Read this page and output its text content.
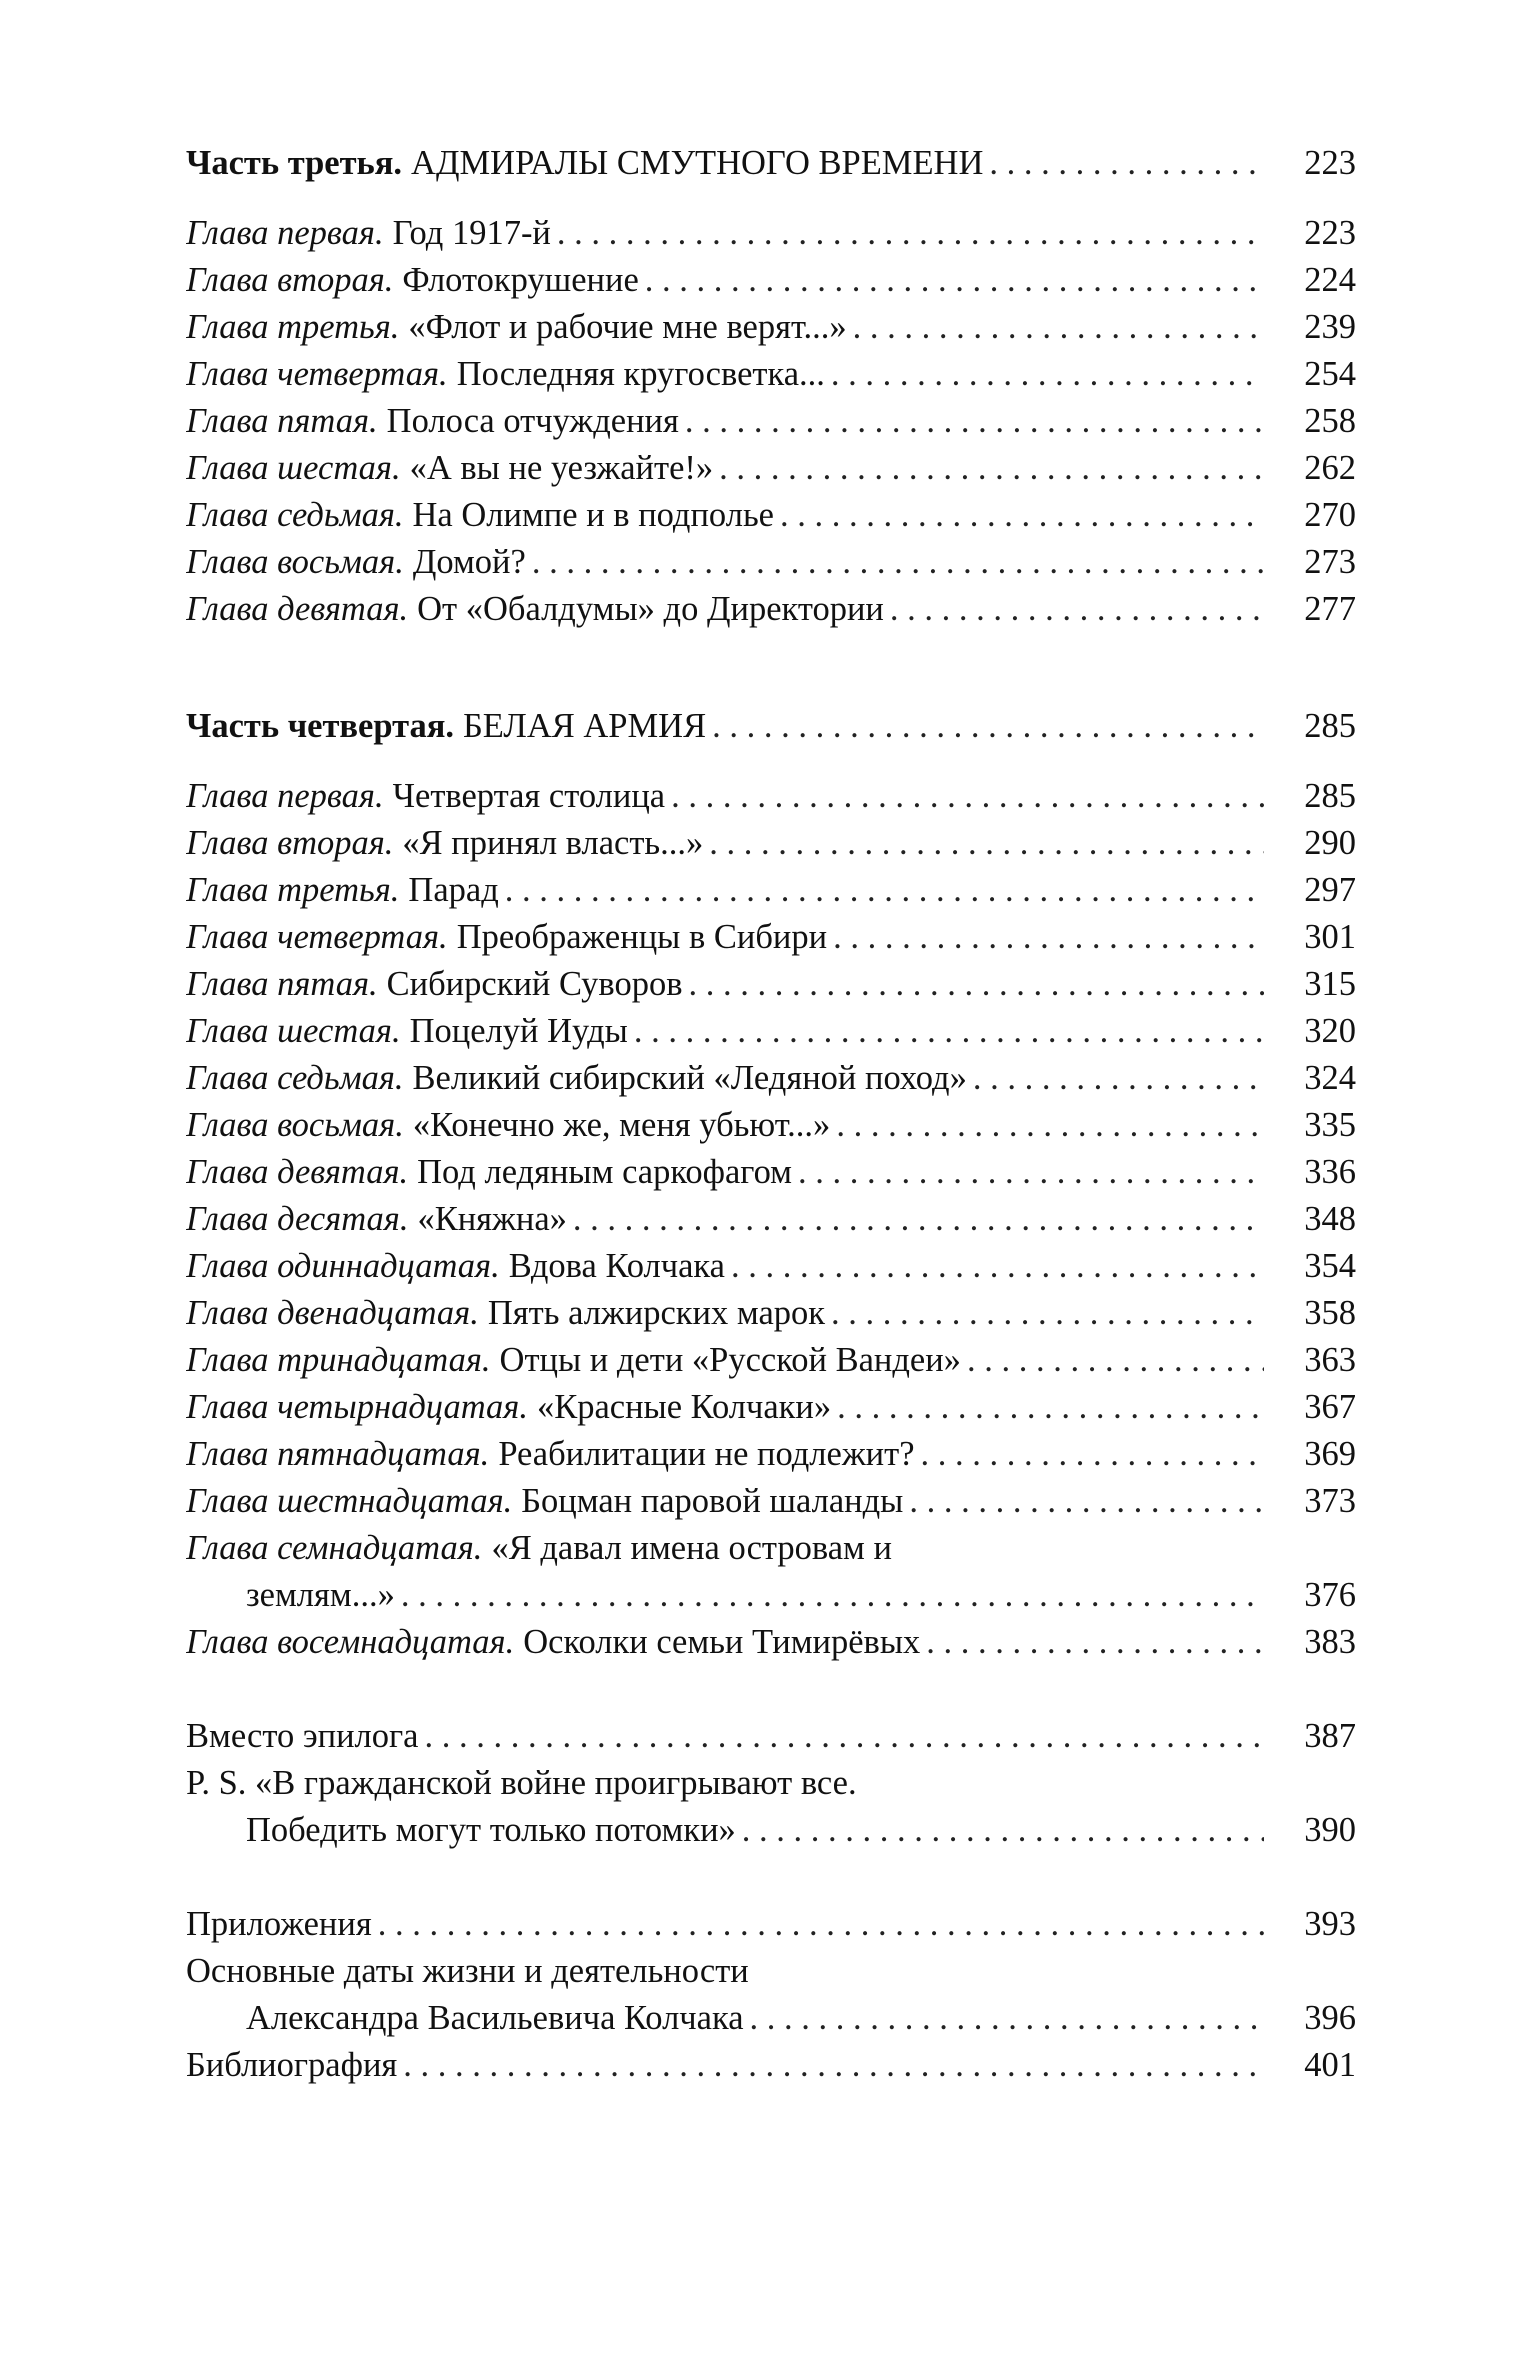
Часть третья. АДМИРАЛЫ СМУТНОГО ВРЕМЕНИ . . .	223
Глава первая. Год 1917-й . . .	223
Глава вторая. Флотокрушение . . .	224
Глава третья. «Флот и рабочие мне верят...» . . .	239
Глава четвертая. Последняя кругосветка... . . .	254
Глава пятая. Полоса отчуждения . . .	258
Глава шестая. «А вы не уезжайте!» . . .	262
Глава седьмая. На Олимпе и в подполье . . .	270
Глава восьмая. Домой? . . .	273
Глава девятая. От «Обалдумы» до Директории . . .	277
Часть четвертая. БЕЛАЯ АРМИЯ . . .	285
Глава первая. Четвертая столица . . .	285
Глава вторая. «Я принял власть...» . . .	290
Глава третья. Парад . . .	297
Глава четвертая. Преображенцы в Сибири . . .	301
Глава пятая. Сибирский Суворов . . .	315
Глава шестая. Поцелуй Иуды . . .	320
Глава седьмая. Великий сибирский «Ледяной поход» . . .	324
Глава восьмая. «Конечно же, меня убьют...» . . .	335
Глава девятая. Под ледяным саркофагом . . .	336
Глава десятая. «Княжна» . . .	348
Глава одиннадцатая. Вдова Колчака . . .	354
Глава двенадцатая. Пять алжирских марок . . .	358
Глава тринадцатая. Отцы и дети «Русской Вандеи» . . .	363
Глава четырнадцатая. «Красные Колчаки» . . .	367
Глава пятнадцатая. Реабилитации не подлежит? . . .	369
Глава шестнадцатая. Боцман паровой шаланды . . .	373
Глава семнадцатая. «Я давал имена островам и
землям...» . . .	376
Глава восемнадцатая. Осколки семьи Тимирёвых . . .	383
Вместо эпилога . . .	387
P. S. «В гражданской войне проигрывают все.
Победить могут только потомки» . . .	390
Приложения . . .	393
Основные даты жизни и деятельности
Александра Васильевича Колчака . . .	396
Библиография . . .	401
